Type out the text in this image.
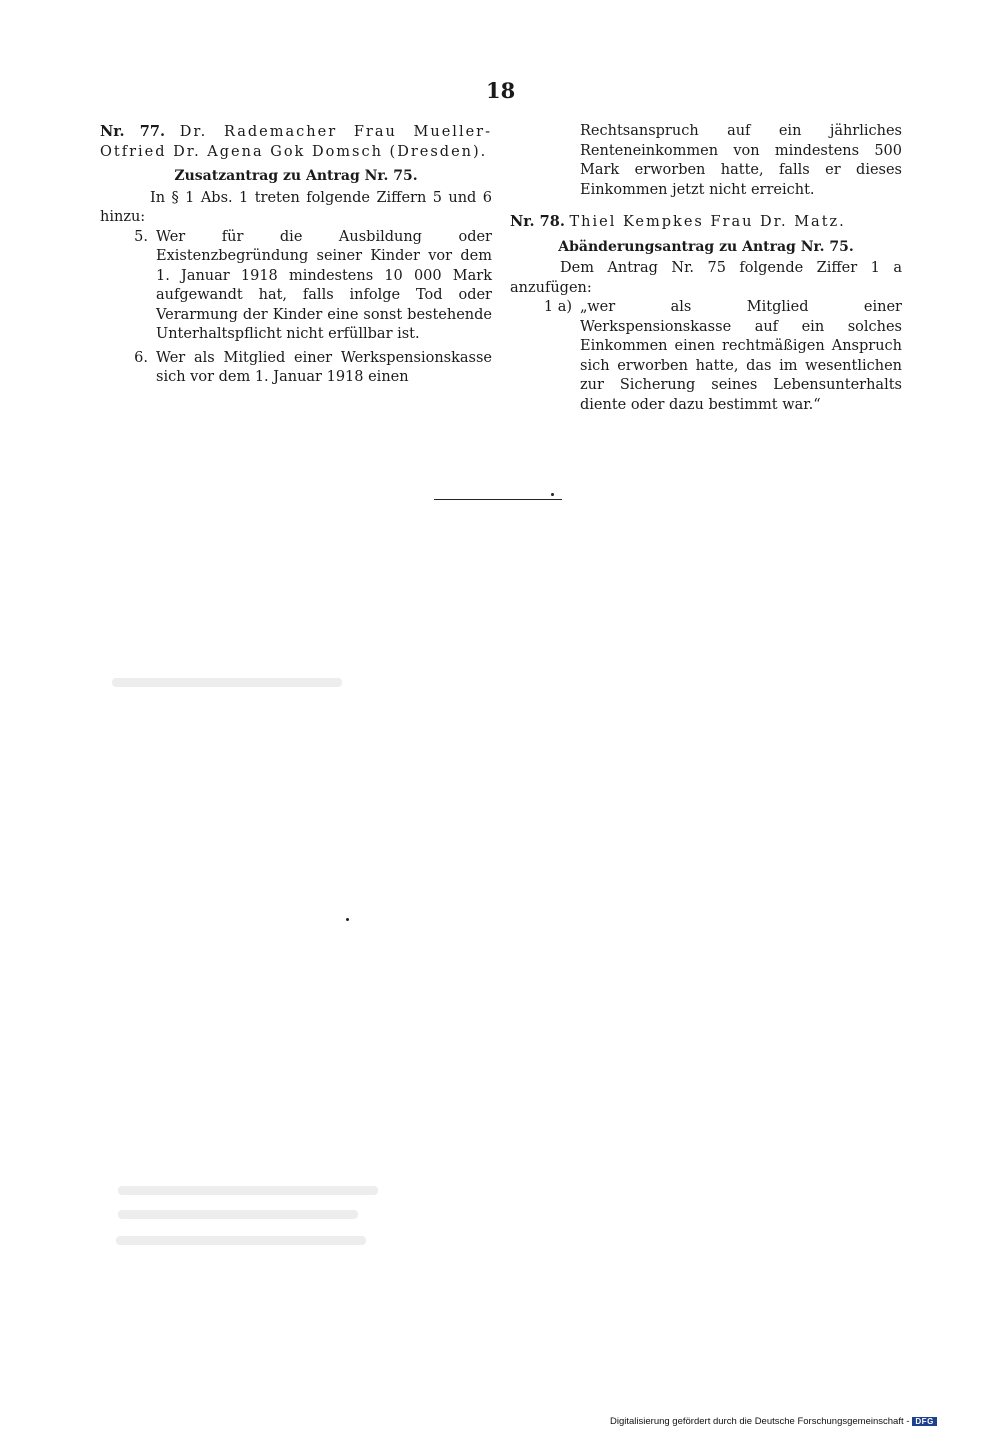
18

Nr. 77. Dr. Rademacher Frau Mueller-Otfried Dr. Agena Gok Domsch (Dresden).

Zusatzantrag zu Antrag Nr. 75.

In § 1 Abs. 1 treten folgende Ziffern 5 und 6 hinzu:

5. Wer für die Ausbildung oder Existenzbegründung seiner Kinder vor dem 1. Januar 1918 mindestens 10 000 Mark aufgewandt hat, falls infolge Tod oder Verarmung der Kinder eine sonst bestehende Unterhaltspflicht nicht erfüllbar ist.
6. Wer als Mitglied einer Werkspensionskasse sich vor dem 1. Januar 1918 einen

Rechtsanspruch auf ein jährliches Renteneinkommen von mindestens 500 Mark erworben hatte, falls er dieses Einkommen jetzt nicht erreicht.

Nr. 78. Thiel Kempkes Frau Dr. Matz.

Abänderungsantrag zu Antrag Nr. 75.

Dem Antrag Nr. 75 folgende Ziffer 1 a anzufügen:

1 a) „wer als Mitglied einer Werkspensionskasse auf ein solches Einkommen einen rechtmäßigen Anspruch sich erworben hatte, das im wesentlichen zur Sicherung seines Lebensunterhalts diente oder dazu bestimmt war.“
Digitalisierung gefördert durch die Deutsche Forschungsgemeinschaft - DFG
